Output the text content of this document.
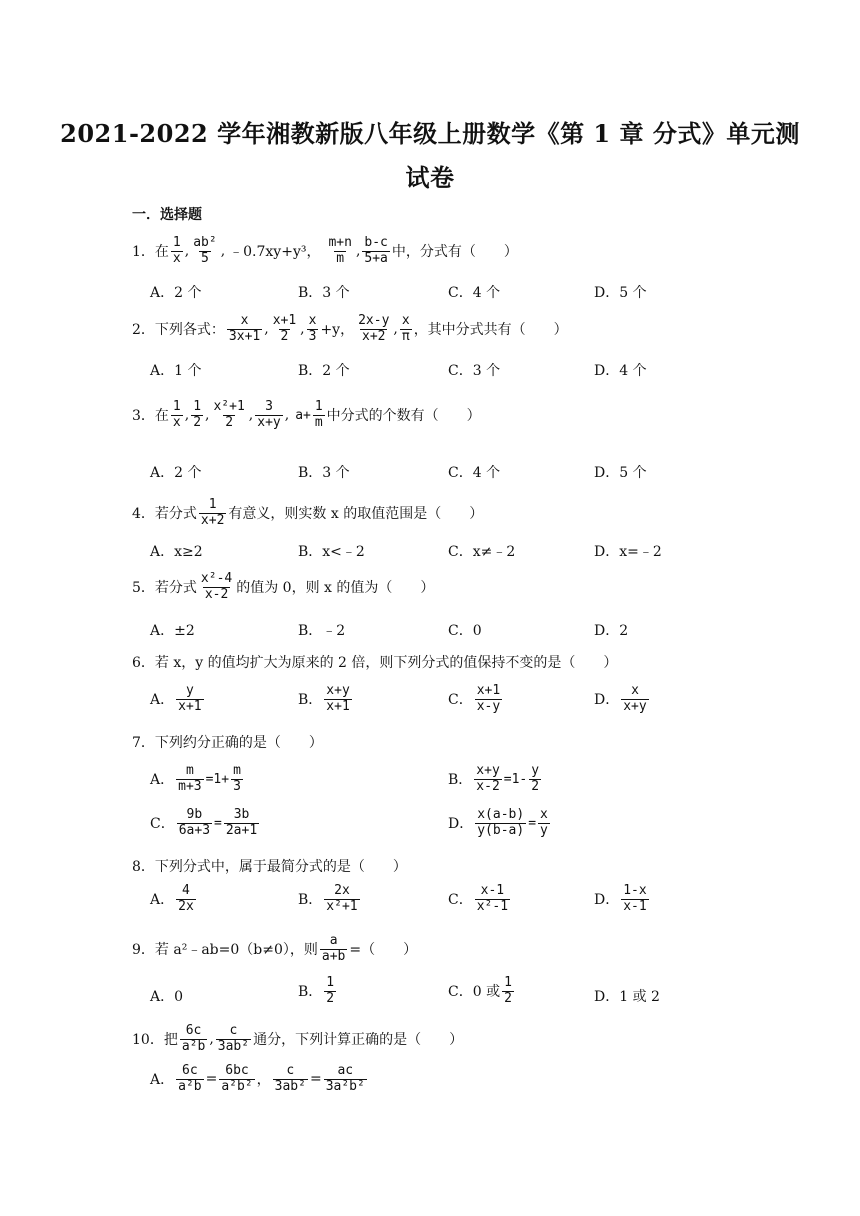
2021-2022 学年湘教新版八年级上册数学《第 1 章 分式》单元测
试卷
一．选择题
1．在 $\frac{1}{x}$ , $\frac{\text{ab²}}{5}$ , ﹣0.7xy+y³， $\frac{m+n}{m}$ , $\frac{b-c}{5+a}$ 中，分式有（　　）
A．2 个	B．3 个	C．4 个	D．5 个
2．下列各式： $\frac{x}{3x+1}$ , $\frac{x+1}{2}$ , $\frac{x}{3} +y$， $\frac{2x-y}{x+2}$ , $\frac{x}{\pi}$ ，其中分式共有（　　）
A．1 个	B．2 个	C．3 个	D．4 个
3．在 $\frac{1}{x}$ , $\frac{1}{2}$ , $\frac{\text{x²+1}}{2}$ , $\frac{3}{x+y}$ , $a+ \frac{1}{m}$ 中分式的个数有（　　）
A．2 个	B．3 个	C．4 个	D．5 个
4．若分式 $\frac{1}{x+2}$ 有意义，则实数 x 的取值范围是（　　）
A．x≥2	B．x<﹣2	C．x≠﹣2	D．x=﹣2
5．若分式 $\frac{\text{x²-4}}{x-2}$ 的值为 0，则 x 的值为（　　）
A．±2	B．﹣2	C．0	D．2
6．若 x，y 的值均扩大为原来的 2 倍，则下列分式的值保持不变的是（　　）
A． $\frac{y}{x+1}$	B． $\frac{x+y}{x+1}$	C． $\frac{x+1}{x-y}$	D． $\frac{x}{x+y}$
7．下列约分正确的是（　　）
A． $\frac{m}{m+3} =1+ \frac{m}{3}$	B． $\frac{x+y}{x-2} =1- \frac{y}{2}$
C． $\frac{9b}{6a+3} = \frac{3b}{2a+1}$	D． $\frac{x(a-b)}{y(b-a)} = \frac{x}{y}$
8．下列分式中，属于最简分式的是（　　）
A． $\frac{4}{2x}$	B． $\frac{2x}{\text{x²+1}}$	C． $\frac{x-1}{\text{x²-1}}$	D． $\frac{1-x}{x-1}$
9．若 a²﹣ab=0（b≠0），则 $\frac{a}{a+b}$ =（　　）
A．0	B． $\frac{1}{2}$	C．0 或 $\frac{1}{2}$	D．1 或 2
10．把 $\frac{6c}{\text{a²b}}$ , $\frac{c}{\text{3ab²}}$ 通分，下列计算正确的是（　　）
A． $\frac{6c}{\text{a²b}} = \frac{6bc}{\text{a²b²}}$ ， $\frac{c}{\text{3ab²}} = \frac{ac}{\text{3a²b²}}$
